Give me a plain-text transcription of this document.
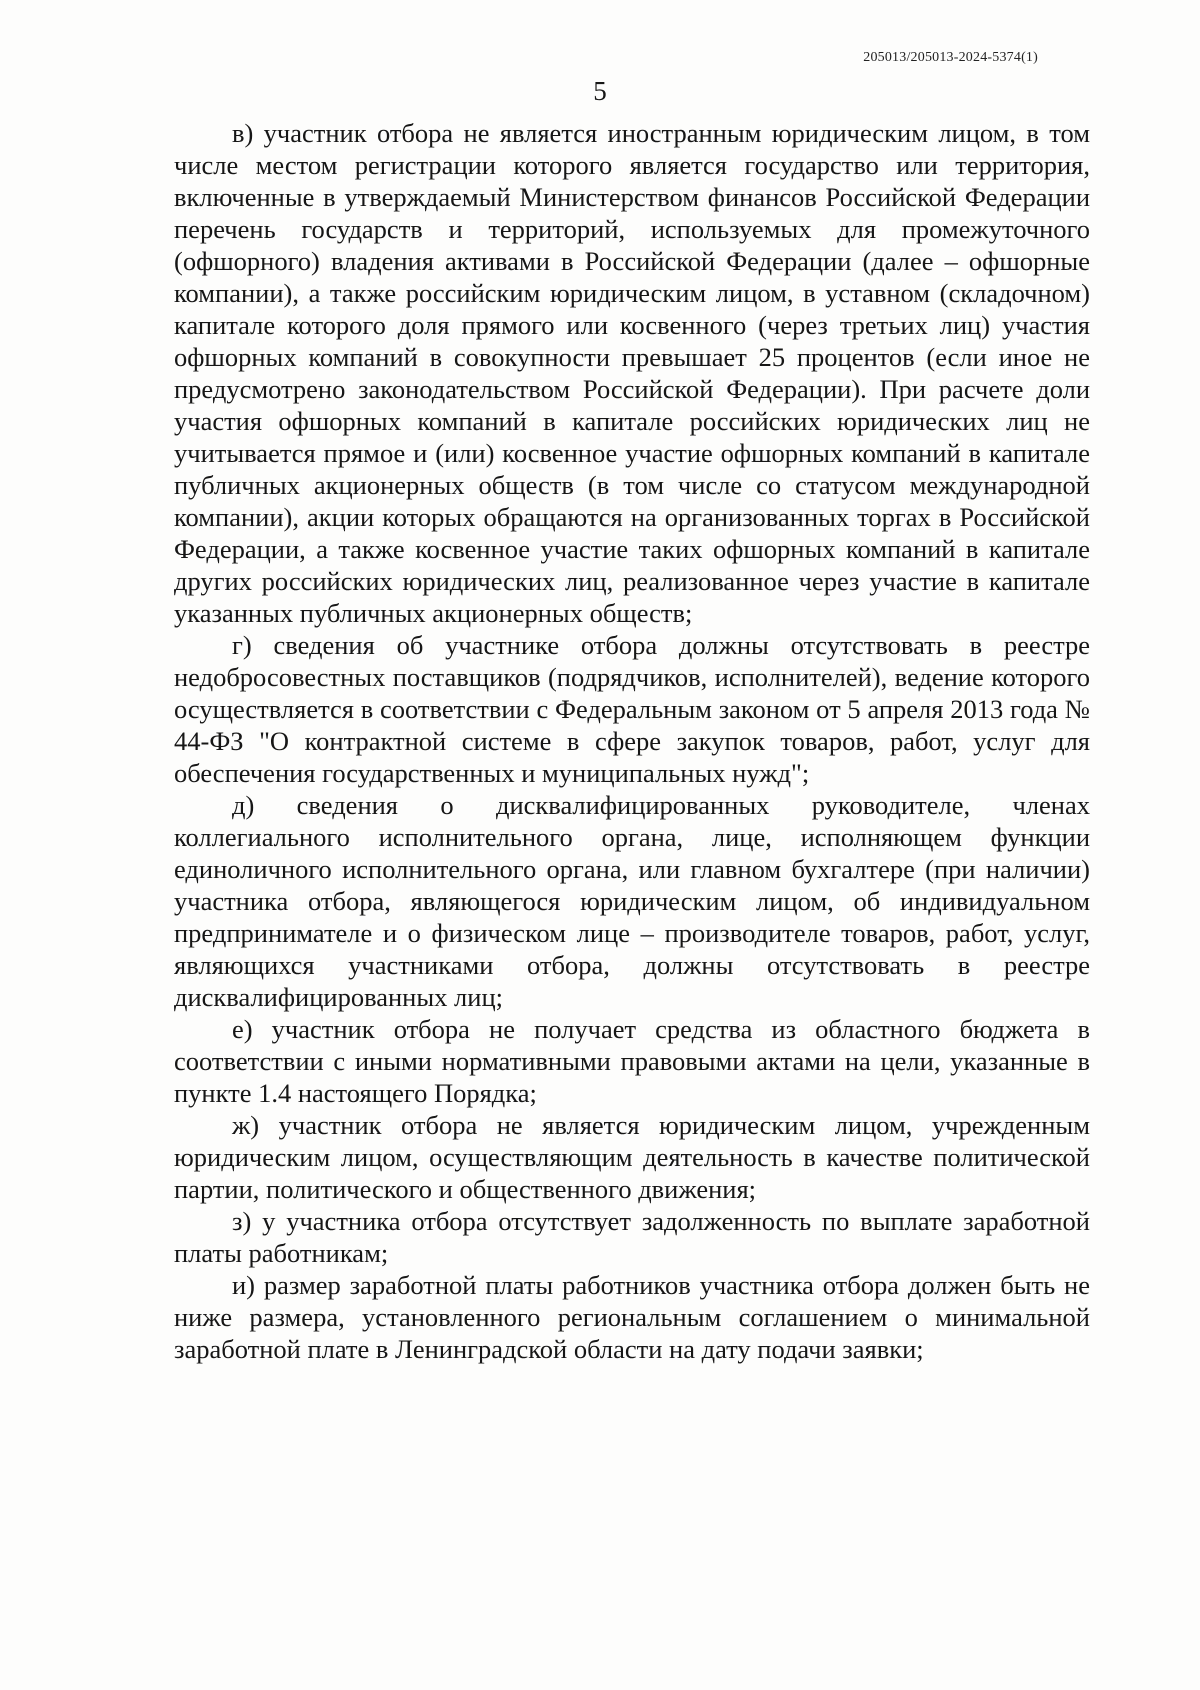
205013/205013-2024-5374(1)
5

в) участник отбора не является иностранным юридическим лицом, в том числе местом регистрации которого является государство или территория, включенные в утверждаемый Министерством финансов Российской Федерации перечень государств и территорий, используемых для промежуточного (офшорного) владения активами в Российской Федерации (далее – офшорные компании), а также российским юридическим лицом, в уставном (складочном) капитале которого доля прямого или косвенного (через третьих лиц) участия офшорных компаний в совокупности превышает 25 процентов (если иное не предусмотрено законодательством Российской Федерации). При расчете доли участия офшорных компаний в капитале российских юридических лиц не учитывается прямое и (или) косвенное участие офшорных компаний в капитале публичных акционерных обществ (в том числе со статусом международной компании), акции которых обращаются на организованных торгах в Российской Федерации, а также косвенное участие таких офшорных компаний в капитале других российских юридических лиц, реализованное через участие в капитале указанных публичных акционерных обществ;

г) сведения об участнике отбора должны отсутствовать в реестре недобросовестных поставщиков (подрядчиков, исполнителей), ведение которого осуществляется в соответствии с Федеральным законом от 5 апреля 2013 года № 44-ФЗ "О контрактной системе в сфере закупок товаров, работ, услуг для обеспечения государственных и муниципальных нужд";

д) сведения о дисквалифицированных руководителе, членах коллегиального исполнительного органа, лице, исполняющем функции единоличного исполнительного органа, или главном бухгалтере (при наличии) участника отбора, являющегося юридическим лицом, об индивидуальном предпринимателе и о физическом лице – производителе товаров, работ, услуг, являющихся участниками отбора, должны отсутствовать в реестре дисквалифицированных лиц;

е) участник отбора не получает средства из областного бюджета в соответствии с иными нормативными правовыми актами на цели, указанные в пункте 1.4 настоящего Порядка;

ж) участник отбора не является юридическим лицом, учрежденным юридическим лицом, осуществляющим деятельность в качестве политической партии, политического и общественного движения;

з) у участника отбора отсутствует задолженность по выплате заработной платы работникам;

и) размер заработной платы работников участника отбора должен быть не ниже размера, установленного региональным соглашением о минимальной заработной плате в Ленинградской области на дату подачи заявки;
